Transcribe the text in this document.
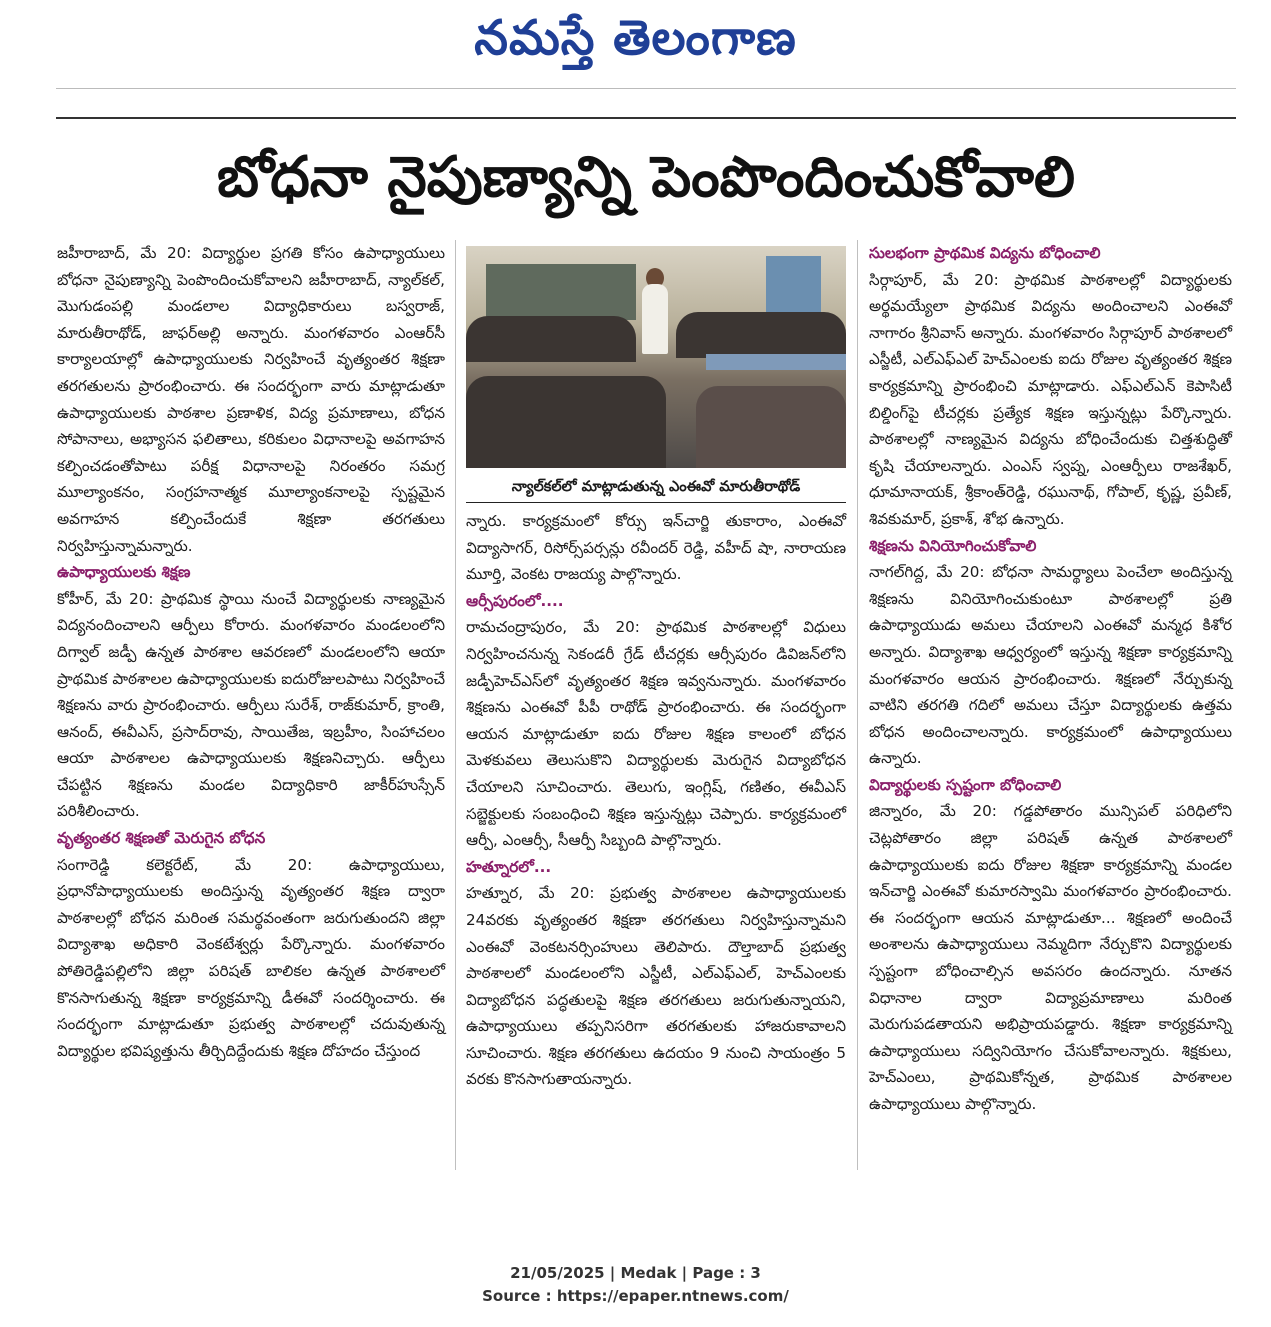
నమస్తే తెలంగాణ
బోధనా నైపుణ్యాన్ని పెంపొందించుకోవాలి

జహీరాబాద్, మే 20: విద్యార్థుల ప్రగతి కోసం ఉపాధ్యాయులు బోధనా నైపుణ్యాన్ని పెంపొందించుకోవాలని జహీరాబాద్, న్యాల్‌కల్, మొగుడంపల్లి మండలాల విద్యాధికారులు బస్వరాజ్, మారుతీరాథోడ్, జాఫర్‌అల్లి అన్నారు. మంగళవారం ఎంఆర్‌సీ కార్యాలయాల్లో ఉపాధ్యాయులకు నిర్వహించే వృత్యంతర శిక్షణా తరగతులను ప్రారంభించారు. ఈ సందర్భంగా వారు మాట్లాడుతూ ఉపాధ్యాయులకు పాఠశాల ప్రణాళిక, విద్య ప్రమాణాలు, బోధన సోపానాలు, అభ్యాసన ఫలితాలు, కరికులం విధానాలపై అవగాహన కల్పించడంతోపాటు పరీక్ష విధానాలపై నిరంతరం సమగ్ర మూల్యాంకనం, సంగ్రహనాత్మక మూల్యాంకనాలపై స్పష్టమైన అవగాహన కల్పించేందుకే శిక్షణా తరగతులు నిర్వహిస్తున్నామన్నారు.

ఉపాధ్యాయులకు శిక్షణ

కోహీర్, మే 20: ప్రాథమిక స్థాయి నుంచే విద్యార్థులకు నాణ్యమైన విద్యనందించాలని ఆర్పీలు కోరారు. మంగళవారం మండలంలోని దిగ్వాల్ జడ్పీ ఉన్నత పాఠశాల ఆవరణలో మండలంలోని ఆయా ప్రాథమిక పాఠశాలల ఉపాధ్యాయులకు ఐదురోజులపాటు నిర్వహించే శిక్షణను వారు ప్రారంభించారు. ఆర్పీలు సురేశ్, రాజ్‌కుమార్, క్రాంతి, ఆనంద్, ఈవీఎస్, ప్రసాద్‌రావు, సాయితేజ, ఇబ్రహీం, సింహాచలం ఆయా పాఠశాలల ఉపాధ్యాయులకు శిక్షణనిచ్చారు. ఆర్పీలు చేపట్టిన శిక్షణను మండల విద్యాధికారి జాకీర్‌హుస్సేన్ పరిశీలించారు.

వృత్యంతర శిక్షణతో మెరుగైన బోధన

సంగారెడ్డి కలెక్టరేట్, మే 20: ఉపాధ్యాయులు, ప్రధానోపాధ్యాయులకు అందిస్తున్న వృత్యంతర శిక్షణ ద్వారా పాఠశాలల్లో బోధన మరింత సమర్థవంతంగా జరుగుతుందని జిల్లా విద్యాశాఖ అధికారి వెంకటేశ్వర్లు పేర్కొన్నారు. మంగళవారం పోతిరెడ్డిపల్లిలోని జిల్లా పరిషత్ బాలికల ఉన్నత పాఠశాలలో కొనసాగుతున్న శిక్షణా కార్యక్రమాన్ని డీఈవో సందర్శించారు. ఈ సందర్భంగా మాట్లాడుతూ ప్రభుత్వ పాఠశాలల్లో చదువుతున్న విద్యార్థుల భవిష్యత్తును తీర్చిదిద్దేందుకు శిక్షణ దోహదం చేస్తుంద

న్యాల్‌కల్‌లో మాట్లాడుతున్న ఎంఈవో మారుతీరాథోడ్

న్నారు. కార్యక్రమంలో కోర్సు ఇన్‌చార్జి తుకారాం, ఎంఈవో విద్యాసాగర్, రిసోర్స్‌పర్సన్లు రవీందర్ రెడ్డి, వహీద్ షా, నారాయణ మూర్తి, వెంకట రాజయ్య పాల్గొన్నారు.

ఆర్సీపురంలో....

రామచంద్రాపురం, మే 20: ప్రాథమిక పాఠశాలల్లో విధులు నిర్వహించనున్న సెకండరీ గ్రేడ్ టీచర్లకు ఆర్సీపురం డివిజన్‌లోని జడ్పీహెచ్‌ఎస్‌లో వృత్యంతర శిక్షణ ఇవ్వనున్నారు. మంగళవారం శిక్షణను ఎంఈవో పీపీ రాథోడ్ ప్రారంభించారు. ఈ సందర్భంగా ఆయన మాట్లాడుతూ ఐదు రోజుల శిక్షణ కాలంలో బోధన మెళకువలు తెలుసుకొని విద్యార్థులకు మెరుగైన విద్యాబోధన చేయాలని సూచించారు. తెలుగు, ఇంగ్లిష్, గణితం, ఈవీఎస్ సబ్జెక్టులకు సంబంధించి శిక్షణ ఇస్తున్నట్లు చెప్పారు. కార్యక్రమంలో ఆర్పీ, ఎంఆర్సీ, సీఆర్పీ సిబ్బంది పాల్గొన్నారు.

హత్నూరలో...

హత్నూర, మే 20: ప్రభుత్వ పాఠశాలల ఉపాధ్యాయులకు 24వరకు వృత్యంతర శిక్షణా తరగతులు నిర్వహిస్తున్నామని ఎంఈవో వెంకటనర్సింహులు తెలిపారు. దౌల్తాబాద్ ప్రభుత్వ పాఠశాలలో మండలంలోని ఎస్జీటీ, ఎల్‌ఎఫ్‌ఎల్, హెచ్‌ఎంలకు విద్యాబోధన పద్ధతులపై శిక్షణ తరగతులు జరుగుతున్నాయని, ఉపాధ్యాయులు తప్పనిసరిగా తరగతులకు హాజరుకావాలని సూచించారు. శిక్షణ తరగతులు ఉదయం 9 నుంచి సాయంత్రం 5 వరకు కొనసాగుతాయన్నారు.

సులభంగా ప్రాథమిక విద్యను బోధించాలి

సిర్గాపూర్, మే 20: ప్రాథమిక పాఠశాలల్లో విద్యార్థులకు అర్థమయ్యేలా ప్రాథమిక విద్యను అందించాలని ఎంఈవో నాగారం శ్రీనివాస్ అన్నారు. మంగళవారం సిర్గాపూర్ పాఠశాలలో ఎస్జీటీ, ఎల్‌ఎఫ్‌ఎల్ హెచ్‌ఎంలకు ఐదు రోజుల వృత్యంతర శిక్షణ కార్యక్రమాన్ని ప్రారంభించి మాట్లాడారు. ఎఫ్‌ఎల్‌ఎన్ కెపాసిటీ బిల్డింగ్‌పై టీచర్లకు ప్రత్యేక శిక్షణ ఇస్తున్నట్లు పేర్కొన్నారు. పాఠశాలల్లో నాణ్యమైన విద్యను బోధించేందుకు చిత్తశుద్ధితో కృషి చేయాలన్నారు. ఎంఎస్ స్వప్న, ఎంఆర్పీలు రాజశేఖర్, ధూమానాయక్, శ్రీకాంత్‌రెడ్డి, రఘునాథ్, గోపాల్, కృష్ణ, ప్రవీణ్, శివకుమార్, ప్రకాశ్, శోభ ఉన్నారు.

శిక్షణను వినియోగించుకోవాలి

నాగల్‌గిద్ద, మే 20: బోధనా సామర్థ్యాలు పెంచేలా అందిస్తున్న శిక్షణను వినియోగించుకుంటూ పాఠశాలల్లో ప్రతి ఉపాధ్యాయుడు అమలు చేయాలని ఎంఈవో మన్మధ కిశోర అన్నారు. విద్యాశాఖ ఆధ్వర్యంలో ఇస్తున్న శిక్షణా కార్యక్రమాన్ని మంగళవారం ఆయన ప్రారంభించారు. శిక్షణలో నేర్చుకున్న వాటిని తరగతి గదిలో అమలు చేస్తూ విద్యార్థులకు ఉత్తమ బోధన అందించాలన్నారు. కార్యక్రమంలో ఉపాధ్యాయులు ఉన్నారు.

విద్యార్థులకు స్పష్టంగా బోధించాలి

జిన్నారం, మే 20: గడ్డపోతారం మున్సిపల్ పరిధిలోని చెట్లపోతారం జిల్లా పరిషత్ ఉన్నత పాఠశాలలో ఉపాధ్యాయులకు ఐదు రోజుల శిక్షణా కార్యక్రమాన్ని మండల ఇన్‌చార్జి ఎంఈవో కుమారస్వామి మంగళవారం ప్రారంభించారు. ఈ సందర్భంగా ఆయన మాట్లాడుతూ... శిక్షణలో అందించే అంశాలను ఉపాధ్యాయులు నెమ్మదిగా నేర్చుకొని విద్యార్థులకు స్పష్టంగా బోధించాల్సిన అవసరం ఉందన్నారు. నూతన విధానాల ద్వారా విద్యాప్రమాణాలు మరింత మెరుగుపడతాయని అభిప్రాయపడ్డారు. శిక్షణా కార్యక్రమాన్ని ఉపాధ్యాయులు సద్వినియోగం చేసుకోవాలన్నారు. శిక్షకులు, హెచ్‌ఎంలు, ప్రాథమికోన్నత, ప్రాథమిక పాఠశాలల ఉపాధ్యాయులు పాల్గొన్నారు.

21/05/2025 | Medak | Page : 3
Source : https://epaper.ntnews.com/
